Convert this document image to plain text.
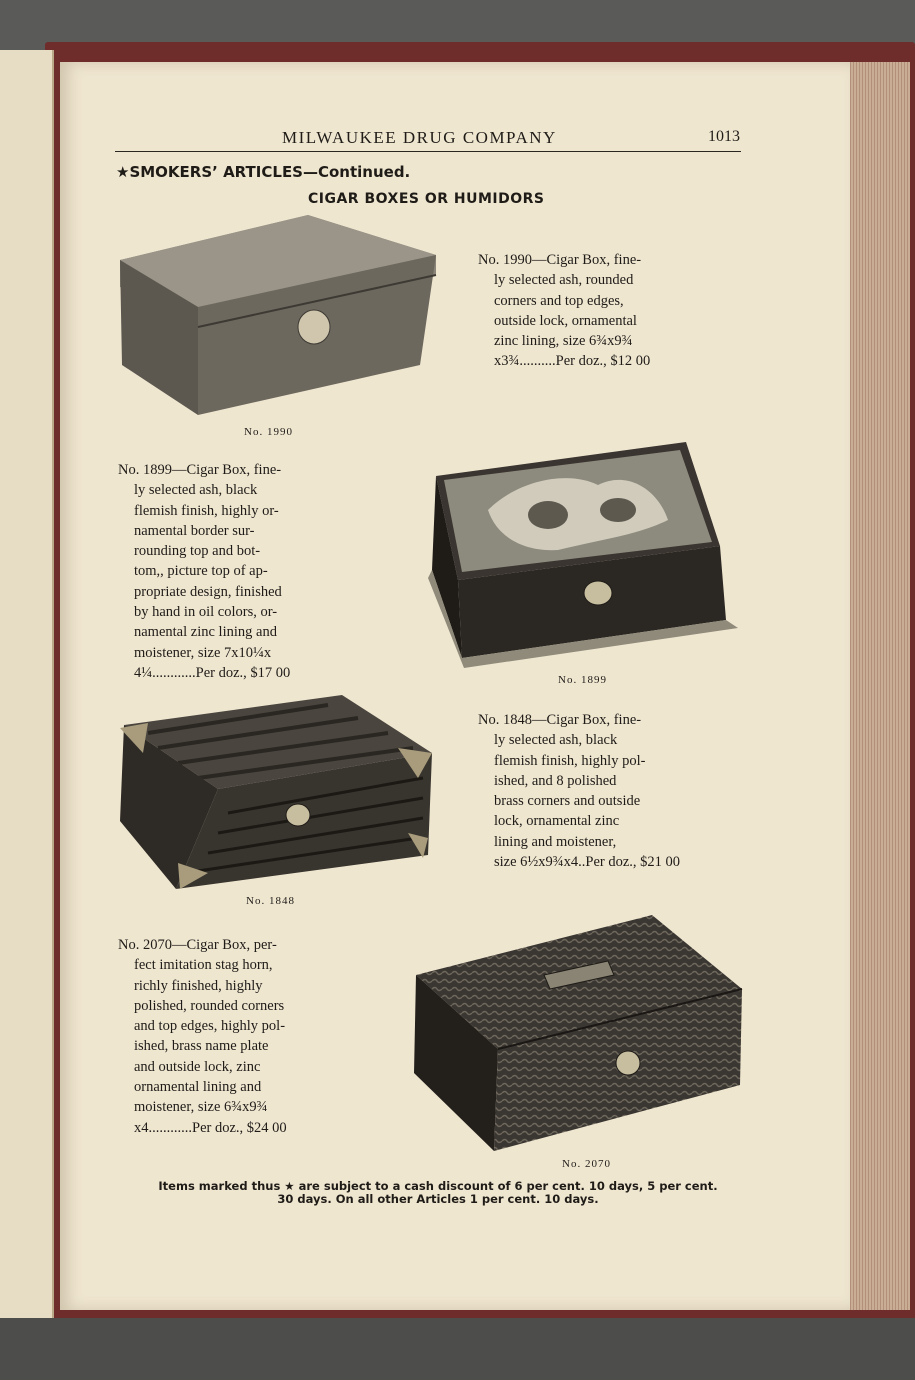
MILWAUKEE DRUG COMPANY	1013
★SMOKERS’ ARTICLES—Continued.
CIGAR BOXES OR HUMIDORS
No. 1990
No. 1990—Cigar Box, fine-

ly selected ash, rounded
corners and top edges,
outside lock, ornamental
zinc lining, size 6¾x9¾
x3¾..........Per doz., $12 00
No. 1899—Cigar Box, fine-

ly selected ash, black
flemish finish, highly or-
namental border sur-
rounding top and bot-
tom,, picture top of ap-
propriate design, finished
by hand in oil colors, or-
namental zinc lining and
moistener, size 7x10¼x
4¼............Per doz., $17 00	No. 1899
No. 1848
No. 1848—Cigar Box, fine-

ly selected ash, black
flemish finish, highly pol-
ished, and 8 polished
brass corners and outside
lock, ornamental zinc
lining and moistener,
size 6½x9¾x4..Per doz., $21 00
No. 2070—Cigar Box, per-

fect imitation stag horn,
richly finished, highly
polished, rounded corners
and top edges, highly pol-
ished, brass name plate
and outside lock, zinc
ornamental lining and
moistener, size 6¾x9¾
x4............Per doz., $24 00
No. 2070
Items marked thus ★ are subject to a cash discount of 6 per cent. 10 days, 5 per cent.
30 days. On all other Articles 1 per cent. 10 days.
